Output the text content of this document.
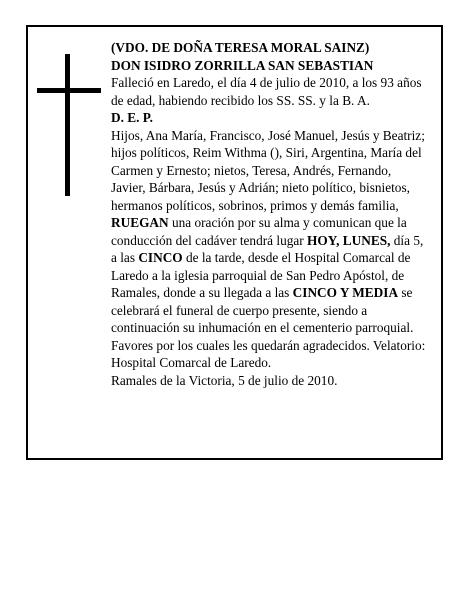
(VDO. DE DOÑA TERESA MORAL SAINZ)

DON ISIDRO ZORRILLA SAN SEBASTIAN

Falleció en Laredo, el día 4 de julio de 2010, a los 93 años de edad, habiendo recibido los SS. SS. y la B. A.

D. E. P.

Hijos, Ana María, Francisco, José Manuel, Jesús y Beatriz; hijos políticos, Reim Withma (), Siri, Argentina, María del Carmen y Ernesto; nietos, Teresa, Andrés, Fernando, Javier, Bárbara, Jesús y Adrián; nieto político, bisnietos, hermanos políticos, sobrinos, primos y demás familia,

RUEGAN una oración por su alma y comunican que la conducción del cadáver tendrá lugar HOY, LUNES, día 5, a las CINCO de la tarde, desde el Hospital Comarcal de Laredo a la iglesia parroquial de San Pedro Apóstol, de Ramales, donde a su llegada a las CINCO Y MEDIA se celebrará el funeral de cuerpo presente, siendo a continuación su inhumación en el cementerio parroquial. Favores por los cuales les quedarán agradecidos. Velatorio: Hospital Comarcal de Laredo.

Ramales de la Victoria, 5 de julio de 2010.
